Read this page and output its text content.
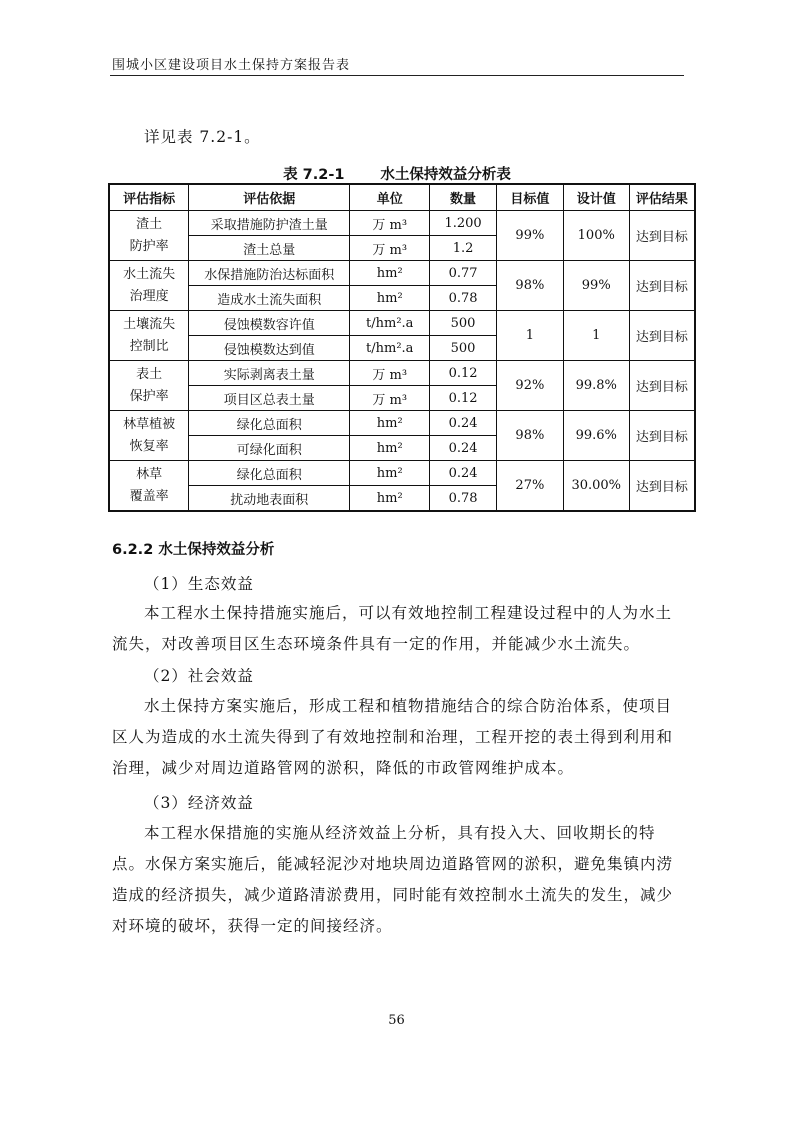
围城小区建设项目水土保持方案报告表
详见表 7.2-1。
表 7.2-1 水土保持效益分析表
评估指标	评估依据	单位	数量	目标值	设计值	评估结果
渣土
防护率	采取措施防护渣土量	万 m³	1.200	99%	100%	达到目标
	渣土总量	万 m³	1.2			
水土流失
治理度	水保措施防治达标面积	hm²	0.77	98%	99%	达到目标
	造成水土流失面积	hm²	0.78			
土壤流失
控制比	侵蚀模数容许值	t/hm².a	500	1	1	达到目标
	侵蚀模数达到值	t/hm².a	500			
表土
保护率	实际剥离表土量	万 m³	0.12	92%	99.8%	达到目标
	项目区总表土量	万 m³	0.12			
林草植被
恢复率	绿化总面积	hm²	0.24	98%	99.6%	达到目标
	可绿化面积	hm²	0.24			
林草
覆盖率	绿化总面积	hm²	0.24	27%	30.00%	达到目标
	扰动地表面积	hm²	0.78			
6.2.2 水土保持效益分析
（1）生态效益
本工程水土保持措施实施后，可以有效地控制工程建设过程中的人为水土流失，对改善项目区生态环境条件具有一定的作用，并能减少水土流失。
（2）社会效益
水土保持方案实施后，形成工程和植物措施结合的综合防治体系，使项目区人为造成的水土流失得到了有效地控制和治理，工程开挖的表土得到利用和治理，减少对周边道路管网的淤积，降低的市政管网维护成本。
（3）经济效益
本工程水保措施的实施从经济效益上分析，具有投入大、回收期长的特点。水保方案实施后，能减轻泥沙对地块周边道路管网的淤积，避免集镇内涝造成的经济损失，减少道路清淤费用，同时能有效控制水土流失的发生，减少对环境的破坏，获得一定的间接经济。
56
